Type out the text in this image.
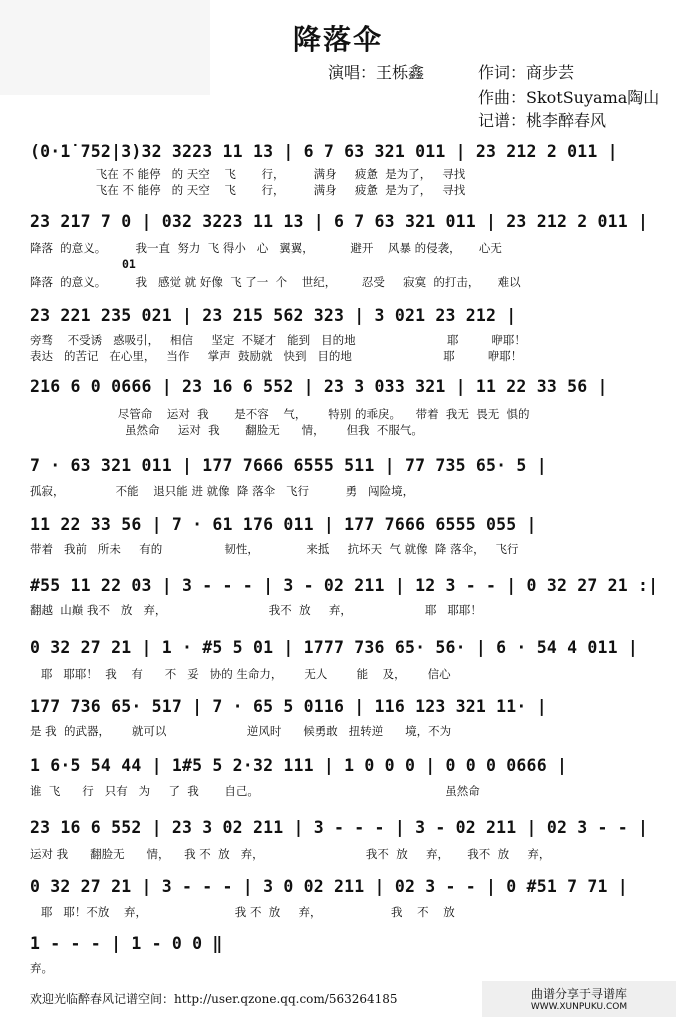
降落伞
演唱：王栎鑫	作词：商步芸
作曲：SkotSuyama陶山
记谱：桃李醉春风
(0·1̇ 752|3)32 3223 11 13 | 6 7 63 321 011 | 23 212 2 011 |
飞在 不 能停   的 天空    飞       行，        满身     疲惫  是为了，   寻找
飞在 不 能停   的 天空    飞       行，        满身     疲惫  是为了，   寻找
23 217 7 0 | 032 3223 11 13 | 6 7 63 321 011 | 23 212 2 011 |
降落  的意义。        我一直  努力  飞 得小   心   翼翼，          避开    风暴 的侵袭，     心无
01
降落  的意义。        我   感觉 就 好像  飞 了一  个    世纪，       忍受     寂寞  的打击，     难以
23 221 235 021 | 23 215 562 323 | 3 021 23 212 |
旁骛    不受诱   惑吸引，   相信     坚定  不疑才   能到   目的地                         耶         咿耶！
表达   的苦记   在心里，   当作     掌声  鼓励就   快到   目的地                         耶         咿耶！
216 6 0 0666 | 23 16 6 552 | 23 3 033 321 | 11 22 33 56 |
尽管命    运对  我       是不容    气，      特别 的乖戾。    带着  我无  畏无  惧的
虽然命     运对  我       翻脸无      情，      但我  不服气。
7 · 63 321 011 | 177 7666 6555 511 | 77 735 65· 5 |
孤寂，              不能    退只能 进 就像  降 落伞   飞行          勇   闯险境，
11 22 33 56 | 7 · 61 176 011 | 177 7666 6555 055 |
带着   我前   所未     有的                 韧性，             来抵     抗坏天  气 就像  降 落伞，   飞行
#55 11 22 03 | 3 - - - | 3 - 02 211 | 12 3 - - | 0 32 27 21 :|
翻越  山巅 我不   放   弃，                            我不  放     弃，                    耶   耶耶！
0 32 27 21 | 1 · #5 5 01 | 1777 736 65· 56· | 6 · 54 4 011 |
耶   耶耶！  我    有      不   妥   协的 生命力，      无人        能    及，      信心
177 736 65· 517 | 7 · 65 5 0116 | 116 123 321 11· |
是 我  的武器，      就可以                      逆风时      候勇敢   扭转逆      境，不为
1 6·5 54 44 | 1#5 5 2·32 111 | 1 0 0 0 | 0 0 0 0666 |
谁  飞      行   只有   为     了  我       自己。                                                   虽然命
23 16 6 552 | 23 3 02 211 | 3 - - - | 3 - 02 211 | 02 3 - - |
运对 我      翻脸无      情，    我 不  放   弃，                            我不  放     弃，     我不  放     弃，
0 32 27 21 | 3 - - - | 3 0 02 211 | 02 3 - - | 0 #51 7 71 |
耶   耶！不放    弃，                        我 不  放     弃，                   我    不    放
1 - - - | 1 - 0 0 ‖
弃。
欢迎光临醉春风记谱空间：http://user.qzone.qq.com/563264185	曲谱分享于寻谱库
WWW.XUNPUKU.COM
